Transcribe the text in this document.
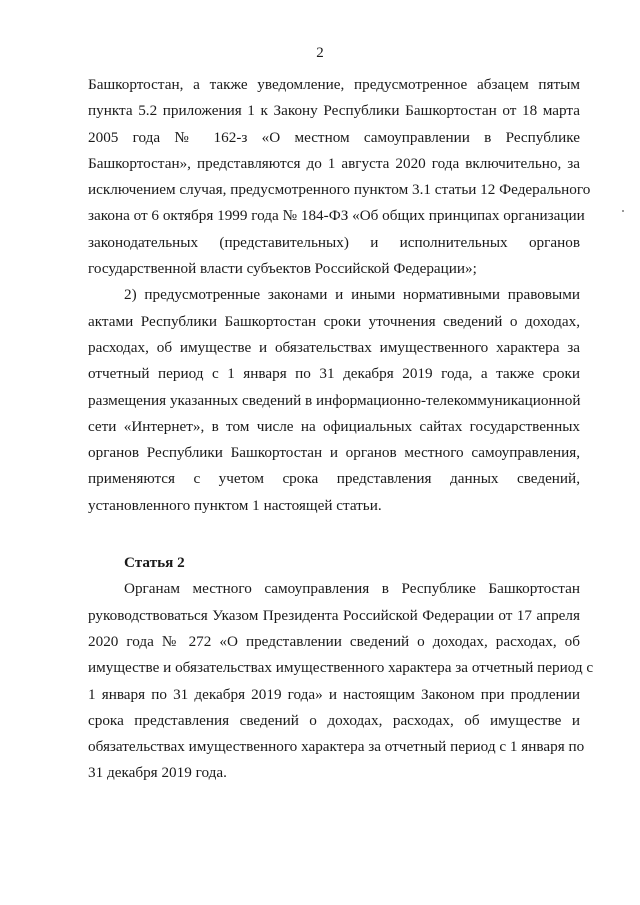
2
Башкортостан, а также уведомление, предусмотренное абзацем пятым
пункта 5.2 приложения 1 к Закону Республики Башкортостан от 18 марта
2005 года № 162-з «О местном самоуправлении в Республике
Башкортостан», представляются до 1 августа 2020 года включительно, за
исключением случая, предусмотренного пунктом 3.1 статьи 12 Федерального
закона от 6 октября 1999 года № 184-ФЗ «Об общих принципах организации
законодательных (представительных) и исполнительных органов
государственной власти субъектов Российской Федерации»;
2) предусмотренные законами и иными нормативными правовыми
актами Республики Башкортостан сроки уточнения сведений о доходах,
расходах, об имуществе и обязательствах имущественного характера за
отчетный период с 1 января по 31 декабря 2019 года, а также сроки
размещения указанных сведений в информационно-телекоммуникационной
сети «Интернет», в том числе на официальных сайтах государственных
органов Республики Башкортостан и органов местного самоуправления,
применяются с учетом срока представления данных сведений,
установленного пунктом 1 настоящей статьи.
Статья 2
Органам местного самоуправления в Республике Башкортостан
руководствоваться Указом Президента Российской Федерации от 17 апреля
2020 года № 272 «О представлении сведений о доходах, расходах, об
имуществе и обязательствах имущественного характера за отчетный период с
1 января по 31 декабря 2019 года» и настоящим Законом при продлении
срока представления сведений о доходах, расходах, об имуществе и
обязательствах имущественного характера за отчетный период с 1 января по
31 декабря 2019 года.
